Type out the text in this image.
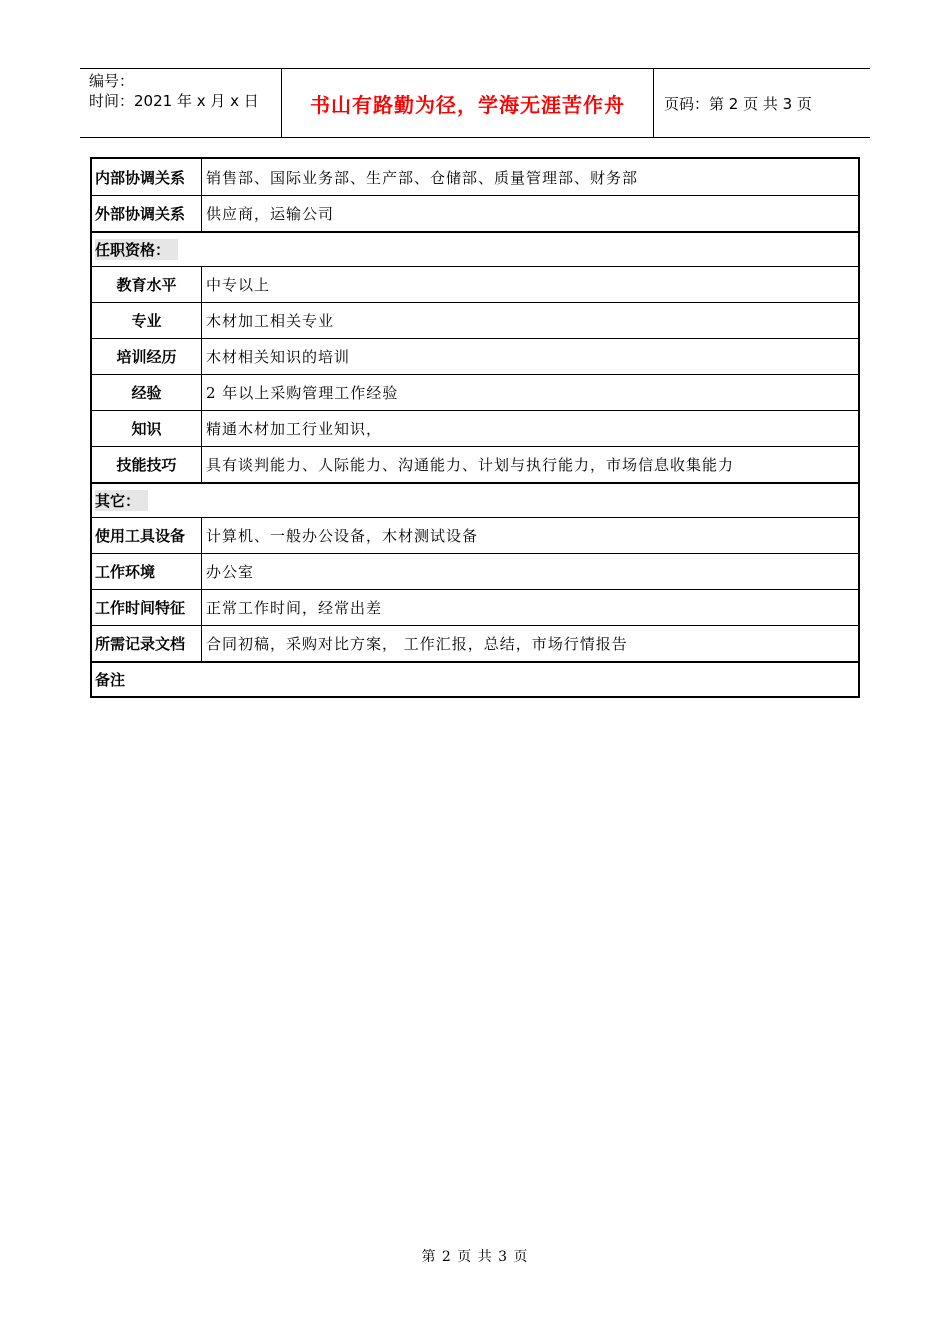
编号：
时间：2021 年 x 月 x 日	书山有路勤为径，学海无涯苦作舟	页码：第 2 页 共 3 页
内部协调关系	销售部、国际业务部、生产部、仓储部、质量管理部、财务部
外部协调关系	供应商，运输公司
任职资格：
教育水平	中专以上
专业	木材加工相关专业
培训经历	木材相关知识的培训
经验	2 年以上采购管理工作经验
知识	精通木材加工行业知识，
技能技巧	具有谈判能力、人际能力、沟通能力、计划与执行能力，市场信息收集能力
其它：
使用工具设备	计算机、一般办公设备，木材测试设备
工作环境	办公室
工作时间特征	正常工作时间，经常出差
所需记录文档	合同初稿，采购对比方案， 工作汇报，总结，市场行情报告
备注
第 2 页 共 3 页
